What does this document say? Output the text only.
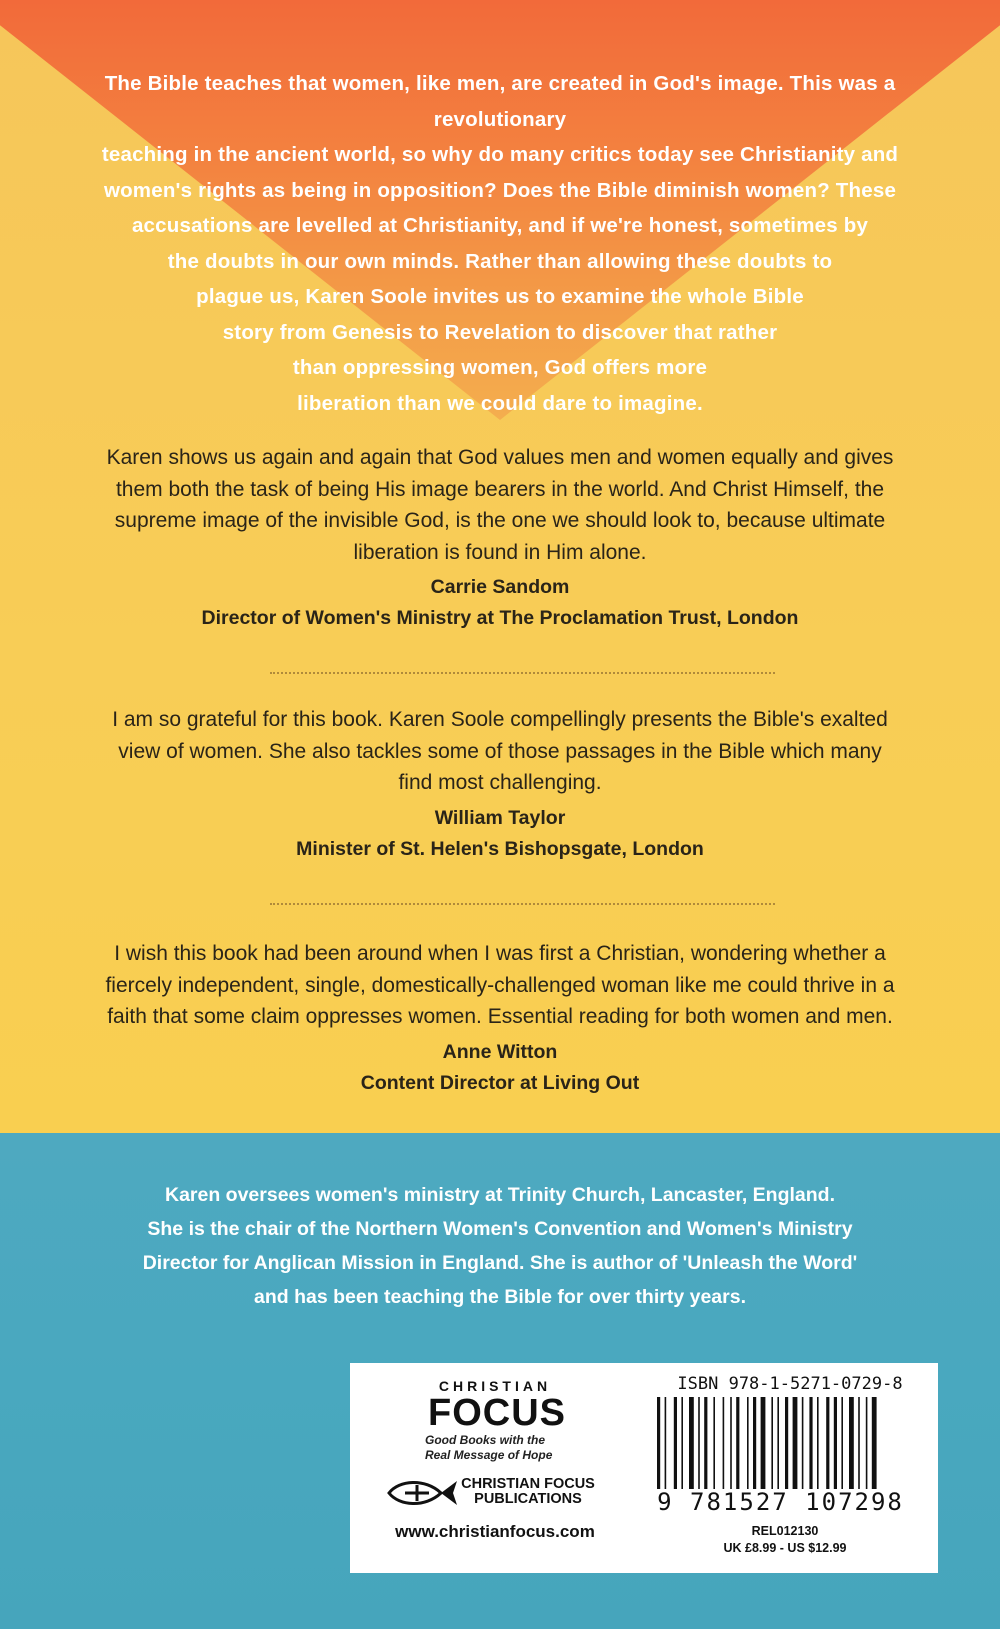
The Bible teaches that women, like men, are created in God's image. This was a revolutionary
teaching in the ancient world, so why do many critics today see Christianity and
women's rights as being in opposition? Does the Bible diminish women? These
accusations are levelled at Christianity, and if we're honest, sometimes by
the doubts in our own minds. Rather than allowing these doubts to
plague us, Karen Soole invites us to examine the whole Bible
story from Genesis to Revelation to discover that rather
than oppressing women, God offers more
liberation than we could dare to imagine.
Karen shows us again and again that God values men and women equally and gives them both the task of being His image bearers in the world. And Christ Himself, the supreme image of the invisible God, is the one we should look to, because ultimate liberation is found in Him alone.
Carrie Sandom
Director of Women's Ministry at The Proclamation Trust, London
I am so grateful for this book. Karen Soole compellingly presents the Bible's exalted view of women. She also tackles some of those passages in the Bible which many find most challenging.
William Taylor
Minister of St. Helen's Bishopsgate, London
I wish this book had been around when I was first a Christian, wondering whether a fiercely independent, single, domestically-challenged woman like me could thrive in a faith that some claim oppresses women. Essential reading for both women and men.
Anne Witton
Content Director at Living Out
Karen oversees women's ministry at Trinity Church, Lancaster, England.
She is the chair of the Northern Women's Convention and Women's Ministry
Director for Anglican Mission in England. She is author of 'Unleash the Word'
and has been teaching the Bible for over thirty years.
CHRISTIAN
FOCUS
Good Books with the
Real Message of Hope
CHRISTIAN FOCUS
PUBLICATIONS
www.christianfocus.com
ISBN 978-1-5271-0729-8
9 781527 107298
REL012130
UK £8.99 - US $12.99
